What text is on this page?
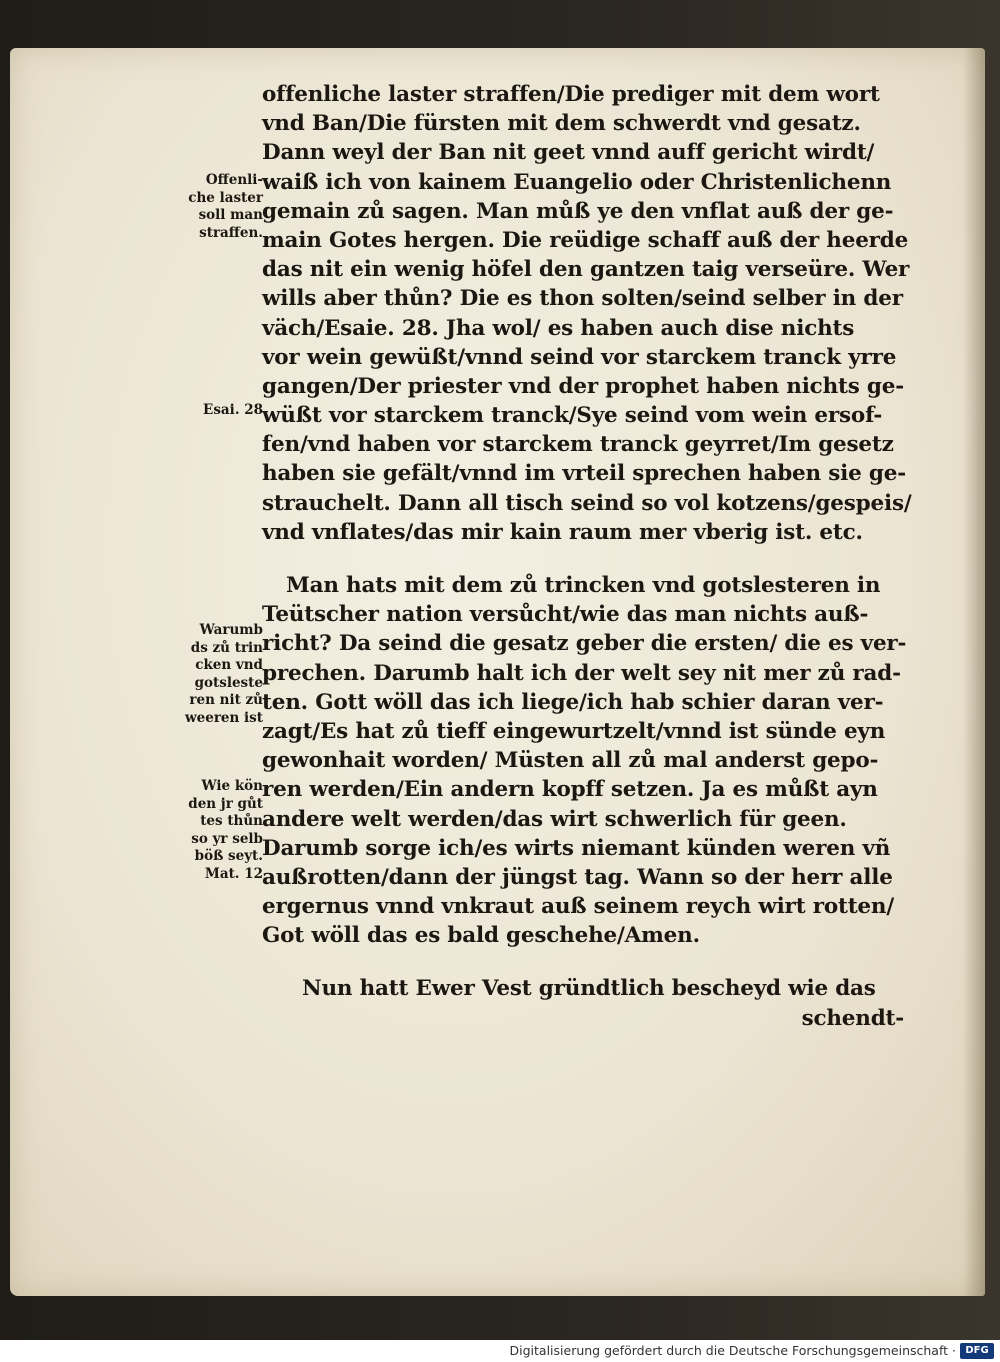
offenliche laster straffen/Die prediger mit dem wort
vnd Ban/Die fürsten mit dem schwerdt vnd gesatz.
Dann weyl der Ban nit geet vnnd auff gericht wirdt/
waiß ich von kainem Euangelio oder Christenlichenn
gemain zů sagen. Man můß ye den vnflat auß der ge-
main Gotes hergen. Die reüdige schaff auß der heerde
das nit ein wenig höfel den gantzen taig verseüre. Wer
wills aber thůn? Die es thon solten/seind selber in der
väch/Esaie. 28. Jha wol/ es haben auch dise nichts
vor wein gewüßt/vnnd seind vor starckem tranck yrre
gangen/Der priester vnd der prophet haben nichts ge-
wüßt vor starckem tranck/Sye seind vom wein ersof-
fen/vnd haben vor starckem tranck geyrret/Im gesetz
haben sie gefält/vnnd im vrteil sprechen haben sie ge-
strauchelt. Dann all tisch seind so vol kotzens/gespeis/
vnd vnflates/das mir kain raum mer vberig ist. etc.
Man hats mit dem zů trincken vnd gotslesteren in
Teütscher nation versůcht/wie das man nichts auß-
richt? Da seind die gesatz geber die ersten/ die es ver-
prechen. Darumb halt ich der welt sey nit mer zů rad-
ten. Gott wöll das ich liege/ich hab schier daran ver-
zagt/Es hat zů tieff eingewurtzelt/vnnd ist sünde eyn
gewonhait worden/ Müsten all zů mal anderst gepo-
ren werden/Ein andern kopff setzen. Ja es můßt ayn
andere welt werden/das wirt schwerlich für geen.
Darumb sorge ich/es wirts niemant künden weren vñ
außrotten/dann der jüngst tag. Wann so der herr alle
ergernus vnnd vnkraut auß seinem reych wirt rotten/
Got wöll das es bald geschehe/Amen.
Nun hatt Ewer Vest gründtlich bescheyd wie das
schendt-
Offenli-
che laster
soll man
straffen.
Esai. 28
Warumb
ds zů trin
cken vnd
gotsleste
ren nit zů
weeren ist
Wie kön
den jr gůt
tes thůn
so yr selb
böß seyt.
Mat. 12
Digitalisierung gefördert durch die Deutsche Forschungsgemeinschaft · DFG
